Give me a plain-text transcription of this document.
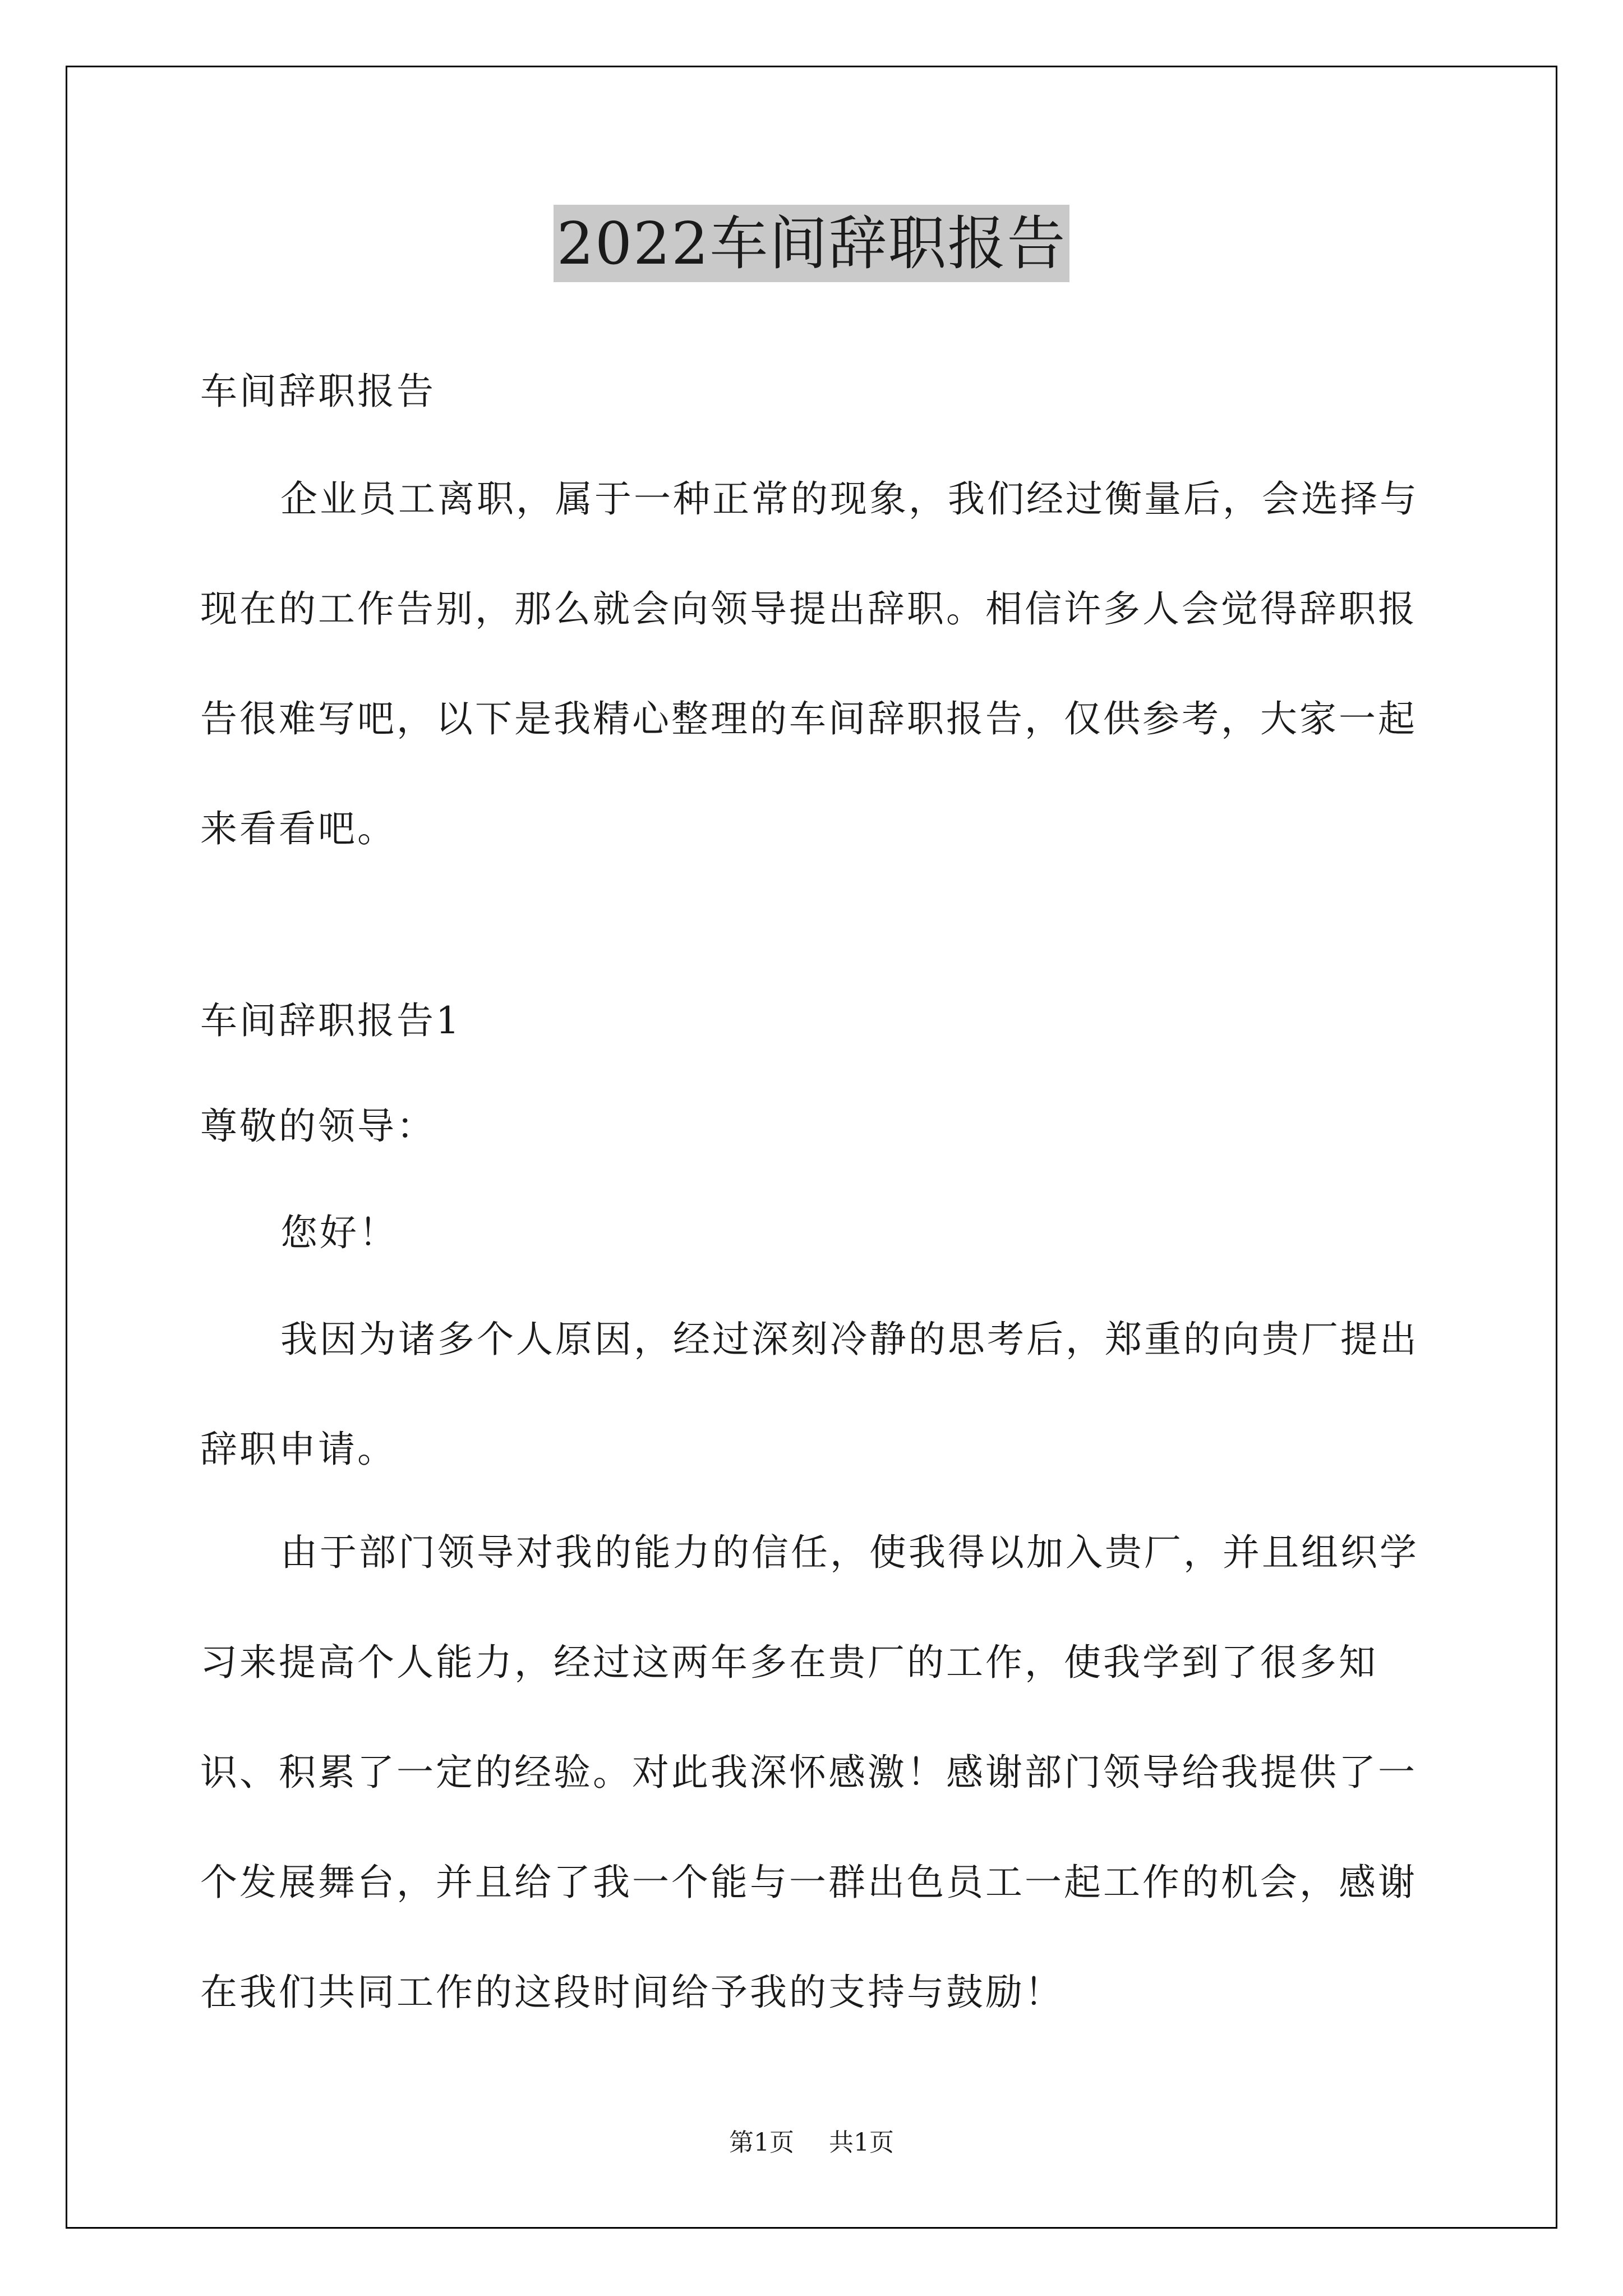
2022车间辞职报告

车间辞职报告

企业员工离职，属于一种正常的现象，我们经过衡量后，会选择与现在的工作告别，那么就会向领导提出辞职。相信许多人会觉得辞职报告很难写吧，以下是我精心整理的车间辞职报告，仅供参考，大家一起来看看吧。

车间辞职报告1

尊敬的领导：

您好！

我因为诸多个人原因，经过深刻冷静的思考后，郑重的向贵厂提出辞职申请。

由于部门领导对我的能力的信任，使我得以加入贵厂，并且组织学习来提高个人能力，经过这两年多在贵厂的工作，使我学到了很多知识、积累了一定的经验。对此我深怀感激！感谢部门领导给我提供了一个发展舞台，并且给了我一个能与一群出色员工一起工作的机会，感谢在我们共同工作的这段时间给予我的支持与鼓励！

第1页 共1页
